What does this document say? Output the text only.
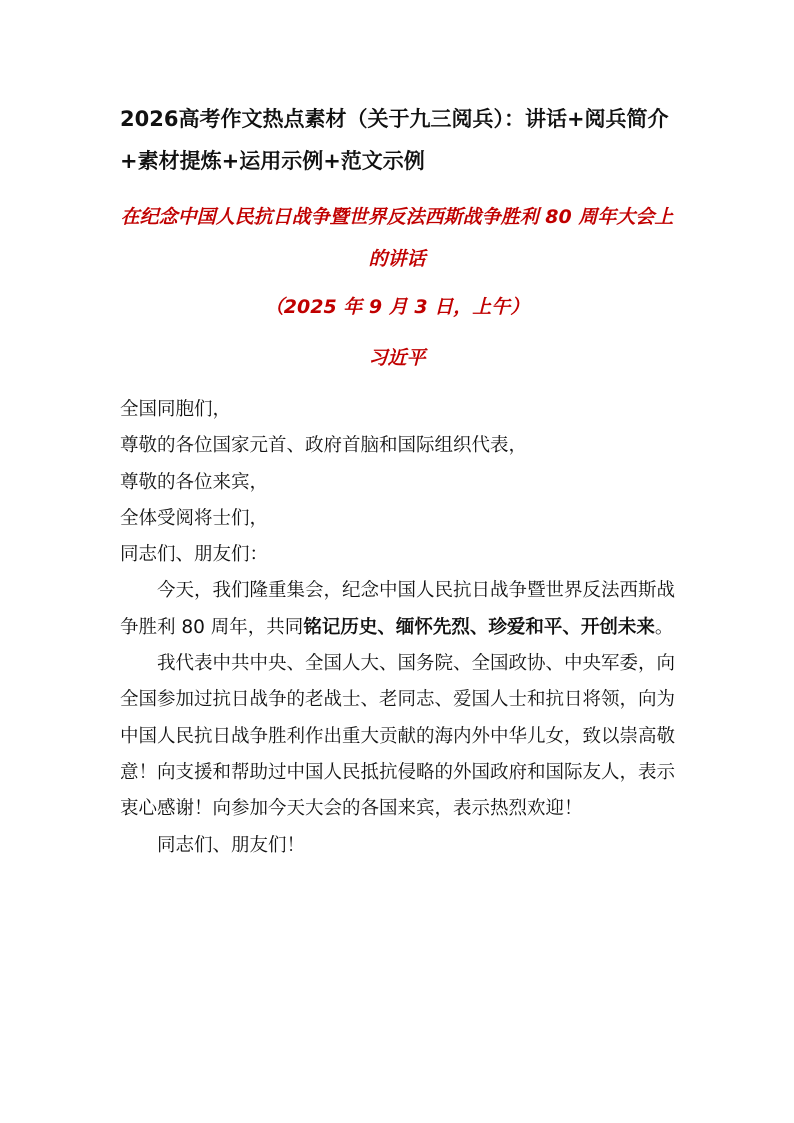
2026高考作文热点素材（关于九三阅兵）：讲话+阅兵简介+素材提炼+运用示例+范文示例
在纪念中国人民抗日战争暨世界反法西斯战争胜利 80 周年大会上的讲话
（2025 年 9 月 3 日，上午）
习近平

全国同胞们，

尊敬的各位国家元首、政府首脑和国际组织代表，

尊敬的各位来宾，

全体受阅将士们，

同志们、朋友们：

今天，我们隆重集会，纪念中国人民抗日战争暨世界反法西斯战争胜利 80 周年，共同铭记历史、缅怀先烈、珍爱和平、开创未来。

我代表中共中央、全国人大、国务院、全国政协、中央军委，向全国参加过抗日战争的老战士、老同志、爱国人士和抗日将领，向为中国人民抗日战争胜利作出重大贡献的海内外中华儿女，致以崇高敬意！向支援和帮助过中国人民抵抗侵略的外国政府和国际友人，表示衷心感谢！向参加今天大会的各国来宾，表示热烈欢迎！

同志们、朋友们！
